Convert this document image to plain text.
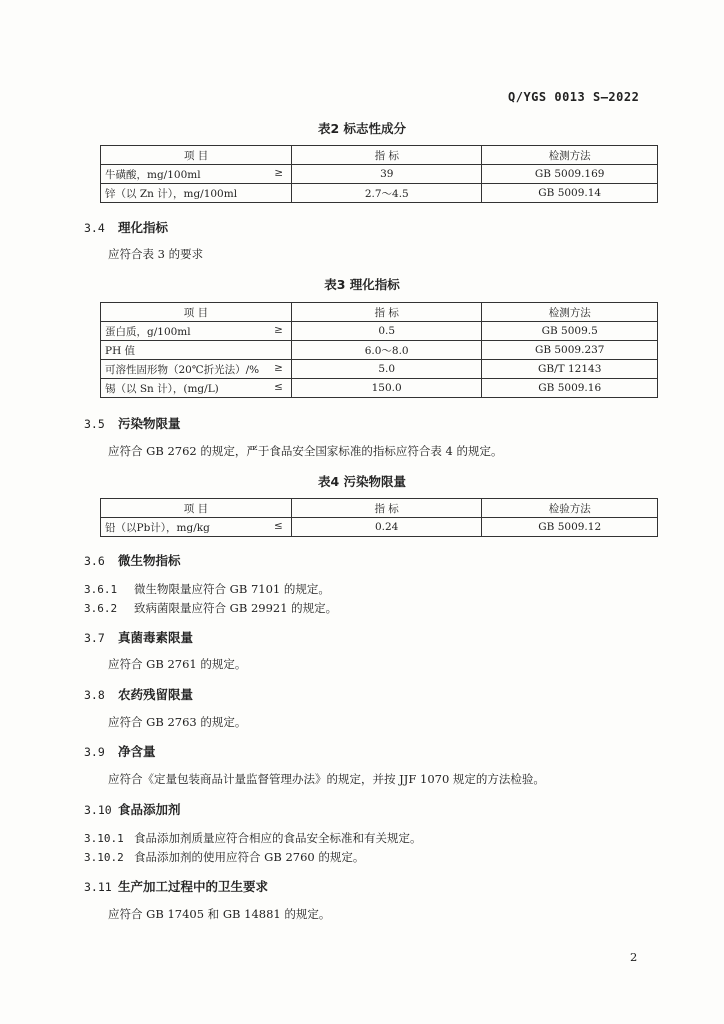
Q/YGS 0013 S—2022
表2 标志性成分
项 目	指 标	检测方法
牛磺酸，mg/100ml ≥	39	GB 5009.169
锌（以 Zn 计），mg/100ml	2.7～4.5	GB 5009.14
3.4 理化指标
应符合表 3 的要求
表3 理化指标
项 目	指 标	检测方法
蛋白质，g/100ml ≥	0.5	GB 5009.5
PH 值	6.0～8.0	GB 5009.237
可溶性固形物（20℃折光法）/% ≥	5.0	GB/T 12143
锡（以 Sn 计），(mg/L) ≤	150.0	GB 5009.16
3.5 污染物限量
应符合 GB 2762 的规定，严于食品安全国家标准的指标应符合表 4 的规定。
表4 污染物限量
项 目	指 标	检验方法
铅（以Pb计），mg/kg ≤	0.24	GB 5009.12
3.6 微生物指标
3.6.1 微生物限量应符合 GB 7101 的规定。
3.6.2 致病菌限量应符合 GB 29921 的规定。
3.7 真菌毒素限量
应符合 GB 2761 的规定。
3.8 农药残留限量
应符合 GB 2763 的规定。
3.9 净含量
应符合《定量包装商品计量监督管理办法》的规定，并按 JJF 1070 规定的方法检验。
3.10 食品添加剂
3.10.1 食品添加剂质量应符合相应的食品安全标准和有关规定。
3.10.2 食品添加剂的使用应符合 GB 2760 的规定。
3.11 生产加工过程中的卫生要求
应符合 GB 17405 和 GB 14881 的规定。
2
